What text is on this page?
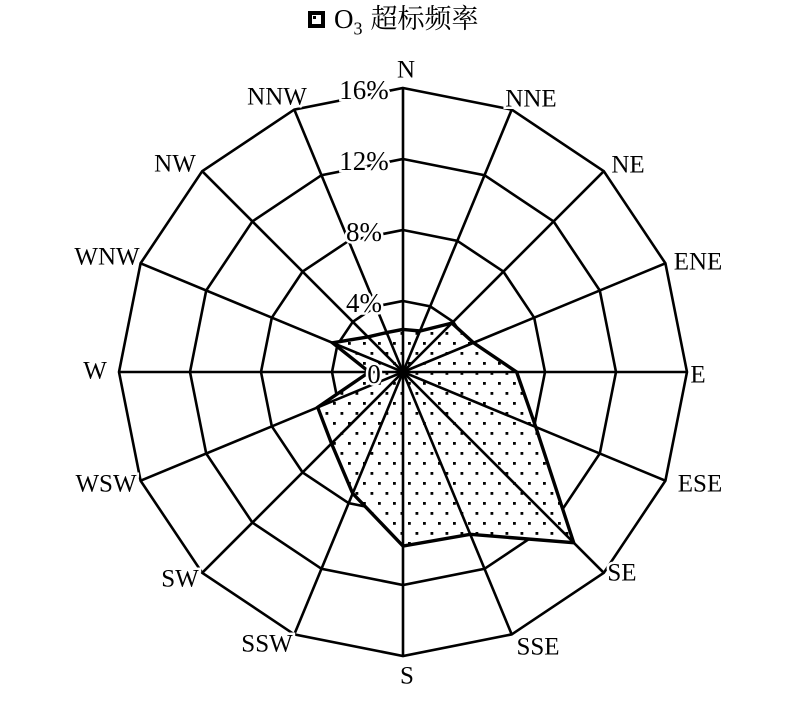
$O_3$ 超标频率
N
NNE
NE
ENE
E
ESE
SE
SSE
S
SSW
SW
WSW
W
WNW
NW
NNW
0
4%
8%
12%
16%
